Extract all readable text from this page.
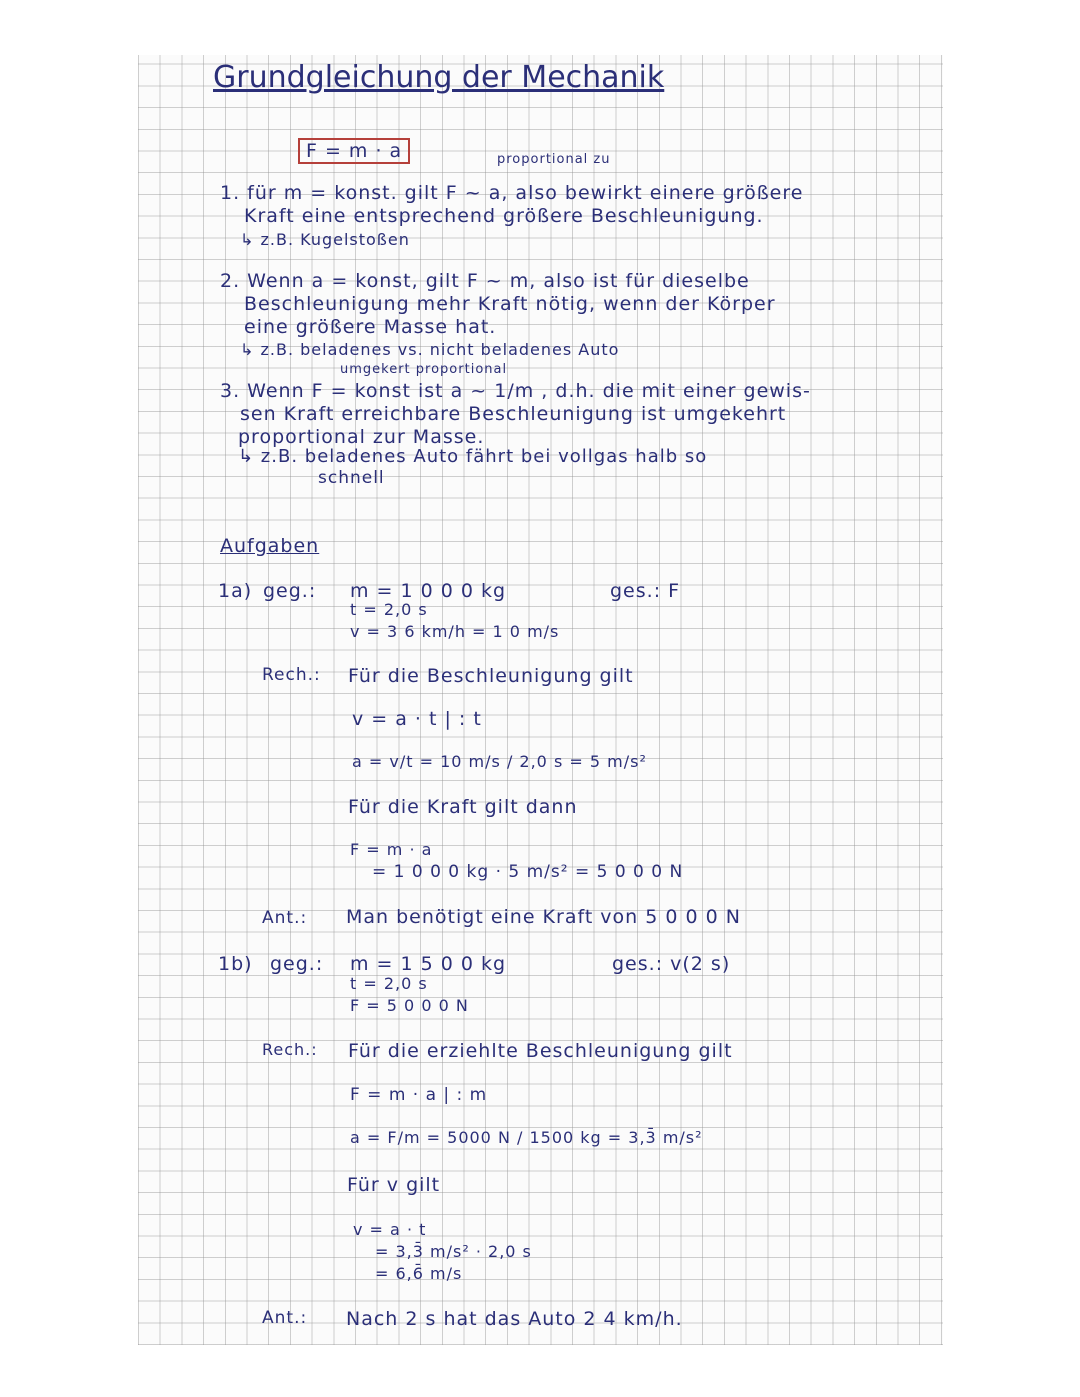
Grundgleichung der Mechanik
F = m · a	proportional zu
1. für m = konst. gilt F ~ a, also bewirkt einere größere
Kraft eine entsprechend größere Beschleunigung.
↳ z.B. Kugelstoßen
2. Wenn a = konst, gilt F ~ m, also ist für dieselbe
Beschleunigung mehr Kraft nötig, wenn der Körper
eine größere Masse hat.
↳ z.B. beladenes vs. nicht beladenes Auto
umgekert proportional
3. Wenn F = konst ist a ~ 1/m , d.h. die mit einer gewis-
sen Kraft erreichbare Beschleunigung ist umgekehrt
proportional zur Masse.
↳ z.B. beladenes Auto fährt bei vollgas halb so
schnell
Aufgaben
1a) geg.: m = 1 0 0 0 kg
t = 2,0 s
v = 3 6 km/h = 1 0 m/s
ges.: F
Rech.: Für die Beschleunigung gilt
v = a · t | : t
a = v/t = 10 m/s / 2,0 s = 5 m/s²
Für die Kraft gilt dann
F = m · a
= 1 0 0 0 kg · 5 m/s² = 5 0 0 0 N
Ant.: Man benötigt eine Kraft von 5 0 0 0 N
1b) geg.: m = 1 5 0 0 kg
t = 2,0 s
F = 5 0 0 0 N
ges.: v(2 s)
Rech.: Für die erziehlte Beschleunigung gilt
F = m · a | : m
a = F/m = 5000 N / 1500 kg = 3,3̄ m/s²
Für v gilt
v = a · t
= 3,3̄ m/s² · 2,0 s
= 6,6̄ m/s
Ant.: Nach 2 s hat das Auto 2 4 km/h.
